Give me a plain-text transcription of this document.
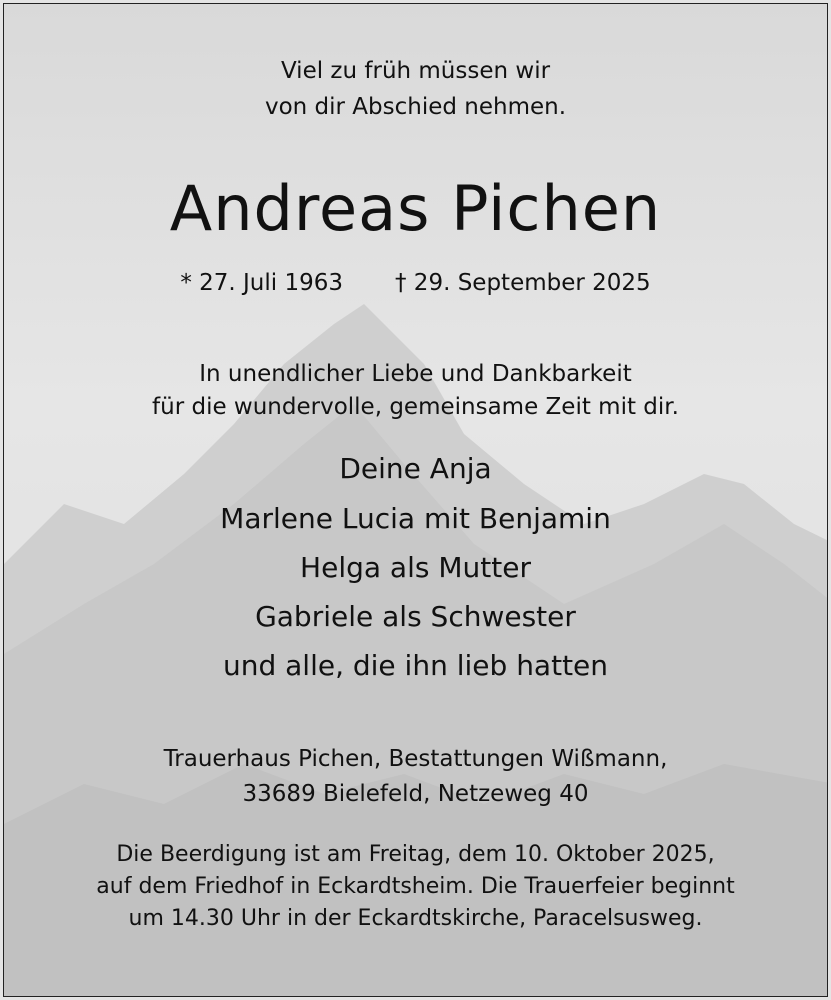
Viel zu früh müssen wir
von dir Abschied nehmen.
Andreas Pichen
* 27. Juli 1963 † 29. September 2025
In unendlicher Liebe und Dankbarkeit
für die wundervolle, gemeinsame Zeit mit dir.
Deine Anja
Marlene Lucia mit Benjamin
Helga als Mutter
Gabriele als Schwester
und alle, die ihn lieb hatten
Trauerhaus Pichen, Bestattungen Wißmann,
33689 Bielefeld, Netzeweg 40
Die Beerdigung ist am Freitag, dem 10. Oktober 2025,
auf dem Friedhof in Eckardtsheim. Die Trauerfeier beginnt
um 14.30 Uhr in der Eckardtskirche, Paracelsusweg.
